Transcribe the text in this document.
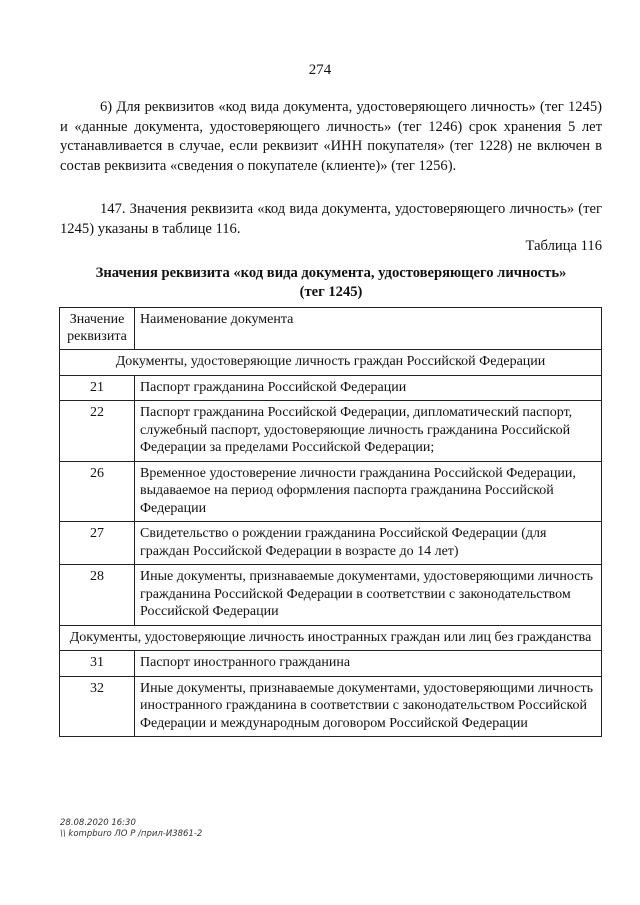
274

6) Для реквизитов «код вида документа, удостоверяющего личность» (тег 1245) и «данные документа, удостоверяющего личность» (тег 1246) срок хранения 5 лет устанавливается в случае, если реквизит «ИНН покупателя» (тег 1228) не включен в состав реквизита «сведения о покупателе (клиенте)» (тег 1256).

147. Значения реквизита «код вида документа, удостоверяющего личность» (тег 1245) указаны в таблице 116.

Таблица 116
Значения реквизита «код вида документа, удостоверяющего личность»
(тег 1245)
Значение реквизита	Наименование документа
Документы, удостоверяющие личность граждан Российской Федерации	
21	Паспорт гражданина Российской Федерации
22	Паспорт гражданина Российской Федерации, дипломатический паспорт, служебный паспорт, удостоверяющие личность гражданина Российской Федерации за пределами Российской Федерации;
26	Временное удостоверение личности гражданина Российской Федерации, выдаваемое на период оформления паспорта гражданина Российской Федерации
27	Свидетельство о рождении гражданина Российской Федерации (для граждан Российской Федерации в возрасте до 14 лет)
28	Иные документы, признаваемые документами, удостоверяющими личность гражданина Российской Федерации в соответствии с законодательством Российской Федерации
Документы, удостоверяющие личность иностранных граждан или лиц без гражданства	
31	Паспорт иностранного гражданина
32	Иные документы, признаваемые документами, удостоверяющими личность иностранного гражданина в соответствии с законодательством Российской Федерации и международным договором Российской Федерации
28.08.2020 16:30
\\ kompburo ЛО Р /прил-И3861-2
